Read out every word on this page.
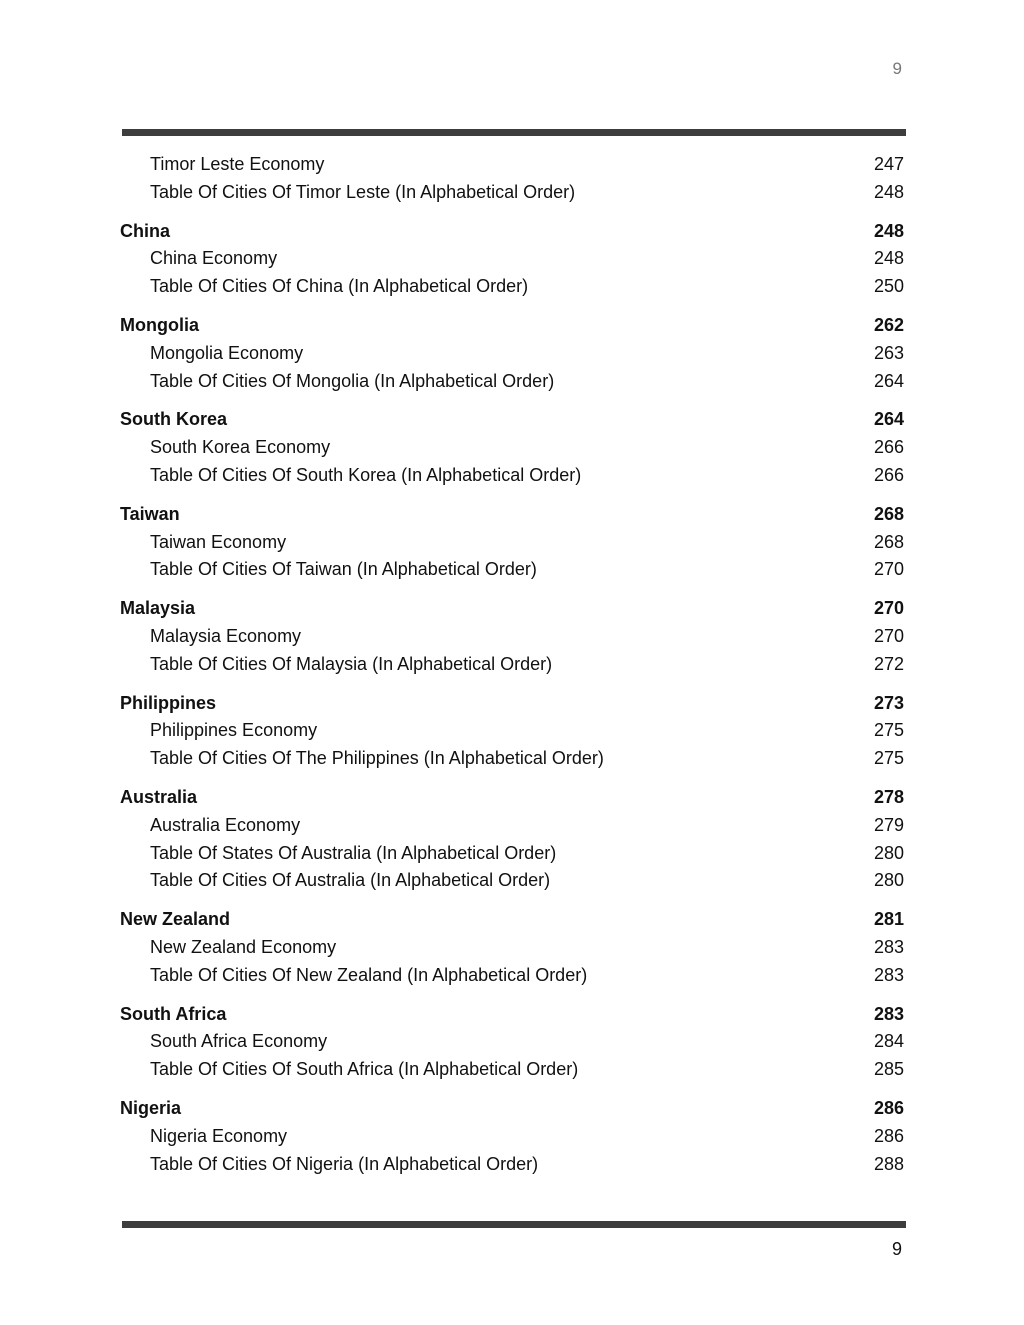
9
Timor Leste Economy	247
Table Of Cities Of Timor Leste (In Alphabetical Order)	248
China	248
China Economy	248
Table Of Cities Of China (In Alphabetical Order)	250
Mongolia	262
Mongolia Economy	263
Table Of Cities Of Mongolia (In Alphabetical Order)	264
South Korea	264
South Korea Economy	266
Table Of Cities Of South Korea (In Alphabetical Order)	266
Taiwan	268
Taiwan Economy	268
Table Of Cities Of Taiwan (In Alphabetical Order)	270
Malaysia	270
Malaysia Economy	270
Table Of Cities Of Malaysia (In Alphabetical Order)	272
Philippines	273
Philippines Economy	275
Table Of Cities Of The Philippines (In Alphabetical Order)	275
Australia	278
Australia Economy	279
Table Of States Of Australia (In Alphabetical Order)	280
Table Of Cities Of Australia (In Alphabetical Order)	280
New Zealand	281
New Zealand Economy	283
Table Of Cities Of New Zealand (In Alphabetical Order)	283
South Africa	283
South Africa Economy	284
Table Of Cities Of South Africa (In Alphabetical Order)	285
Nigeria	286
Nigeria Economy	286
Table Of Cities Of Nigeria (In Alphabetical Order)	288
9
